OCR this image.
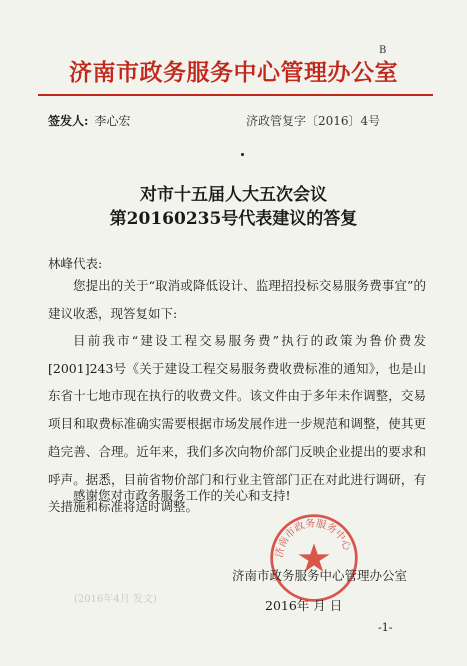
B
济南市政务服务中心管理办公室
签发人: 李心宏	济政管复字〔2016〕4号
对市十五届人大五次会议
第20160235号代表建议的答复
林峰代表:

您提出的关于“取消或降低设计、监理招投标交易服务费事宜”的建议收悉，现答复如下:

目前我市“建设工程交易服务费”执行的政策为鲁价费发[2001]243号《关于建设工程交易服务费收费标准的通知》，也是山东省十七地市现在执行的收费文件。该文件由于多年未作调整，交易项目和取费标准确实需要根据市场发展作进一步规范和调整，使其更趋完善、合理。近年来，我们多次向物价部门反映企业提出的要求和呼声。据悉，目前省物价部门和行业主管部门正在对此进行调研，有关措施和标准将适时调整。

感谢您对市政务服务工作的关心和支持!

(2016年4月 发文)
济南市政务服务中心
济南市政务服务中心管理办公室
2016年 月 日
-1-
